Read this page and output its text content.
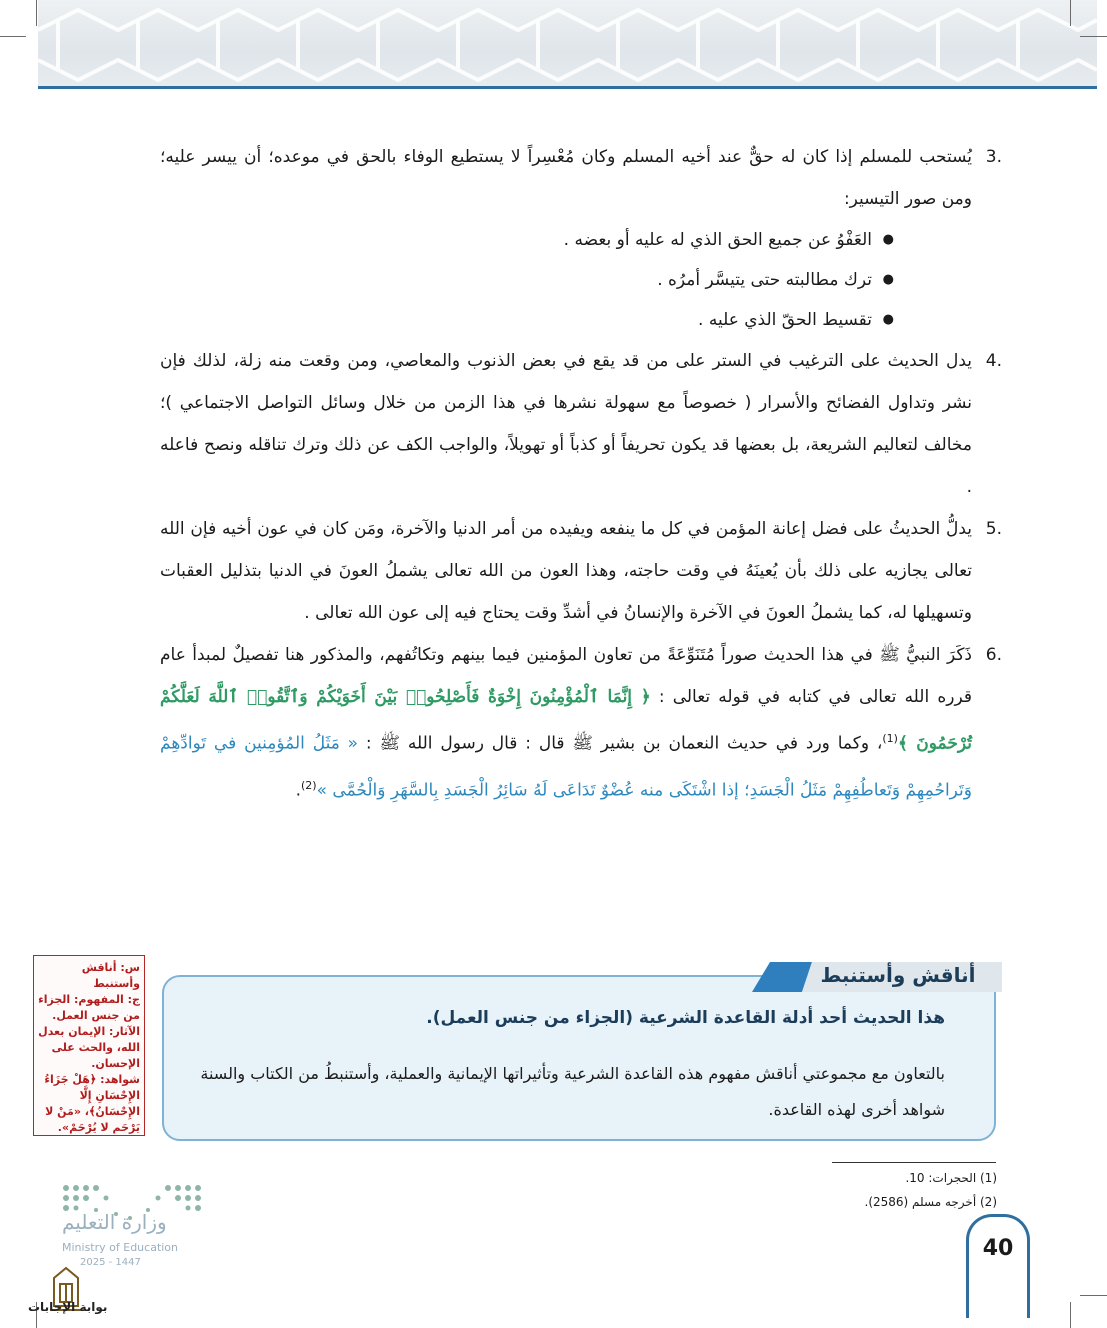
.3

يُستحب للمسلم إذا كان له حقٌّ عند أخيه المسلم وكان مُعْسِراً لا يستطيع الوفاء بالحق في موعده؛ أن ييسر عليه؛ ومن صور التيسير:

● العَفْوُ عن جميع الحق الذي له عليه أو بعضه .
● ترك مطالبته حتى يتيسَّر أمرُه .
● تقسيط الحقّ الذي عليه .
.4

يدل الحديث على الترغيب في الستر على من قد يقع في بعض الذنوب والمعاصي، ومن وقعت منه زلة، لذلك فإن نشر وتداول الفضائح والأسرار ( خصوصاً مع سهولة نشرها في هذا الزمن من خلال وسائل التواصل الاجتماعي )؛ مخالف لتعاليم الشريعة، بل بعضها قد يكون تحريفاً أو كذباً أو تهويلاً، والواجب الكف عن ذلك وترك تناقله ونصح فاعله .

.5

يدلُّ الحديثُ على فضل إعانة المؤمن في كل ما ينفعه ويفيده من أمر الدنيا والآخرة، ومَن كان في عون أخيه فإن الله تعالى يجازيه على ذلك بأن يُعينَهُ في وقت حاجته، وهذا العون من الله تعالى يشملُ العونَ في الدنيا بتذليل العقبات وتسهيلها له، كما يشملُ العونَ في الآخرة والإنسانُ في أشدِّ وقت يحتاج فيه إلى عون الله تعالى .

.6

ذَكَرَ النبيُّ ﷺ في هذا الحديث صوراً مُتَنَوِّعَةً من تعاون المؤمنين فيما بينهم وتكاتُفهم، والمذكور هنا تفصيلٌ لمبدأ عام قرره الله تعالى في كتابه في قوله تعالى : ﴿ إِنَّمَا ٱلْمُؤْمِنُونَ إِخْوَةٌ فَأَصْلِحُوا۟ بَيْنَ أَخَوَيْكُمْ وَٱتَّقُوا۟ ٱللَّهَ لَعَلَّكُمْ تُرْحَمُونَ ﴾$^{(1)}$، وكما ورد في حديث النعمان بن بشير ﷺ قال : قال رسول الله ﷺ : « مَثَلُ المُؤمِنين في تَوادِّهِمْ وَتَراحُمِهِمْ وَتَعاطُفِهِمْ مَثَلُ الْجَسَدِ؛ إذا اشْتَكَى منه عُضْوٌ تَدَاعَى لَهُ سَائِرُ الْجَسَدِ بِالسَّهَرِ وَالْحُمَّى »$^{(2)}$.

س: أناقش وأستنبط

ج: المفهوم: الجزاء من جنس العمل.

الآثار: الإيمان بعدل الله، والحث على الإحسان.

شواهد: ﴿هَلْ جَزَاءُ الإِحْسَانِ إِلَّا الإِحْسَانُ﴾، «مَنْ لا يَرْحَم لا يُرْحَمْ».

أناقش وأستنبط
هذا الحديث أحد أدلة القاعدة الشرعية (الجزاء من جنس العمل).
بالتعاون مع مجموعتي أناقش مفهوم هذه القاعدة الشرعية وتأثيراتها الإيمانية والعملية، وأستنبطُ من الكتاب والسنة شواهد أخرى لهذه القاعدة.
(1) الحجرات: 10.
(2) أخرجه مسلم (2586).
40
وزارة التعليم
Ministry of Education
2025 - 1447
بوابة الإجابات
